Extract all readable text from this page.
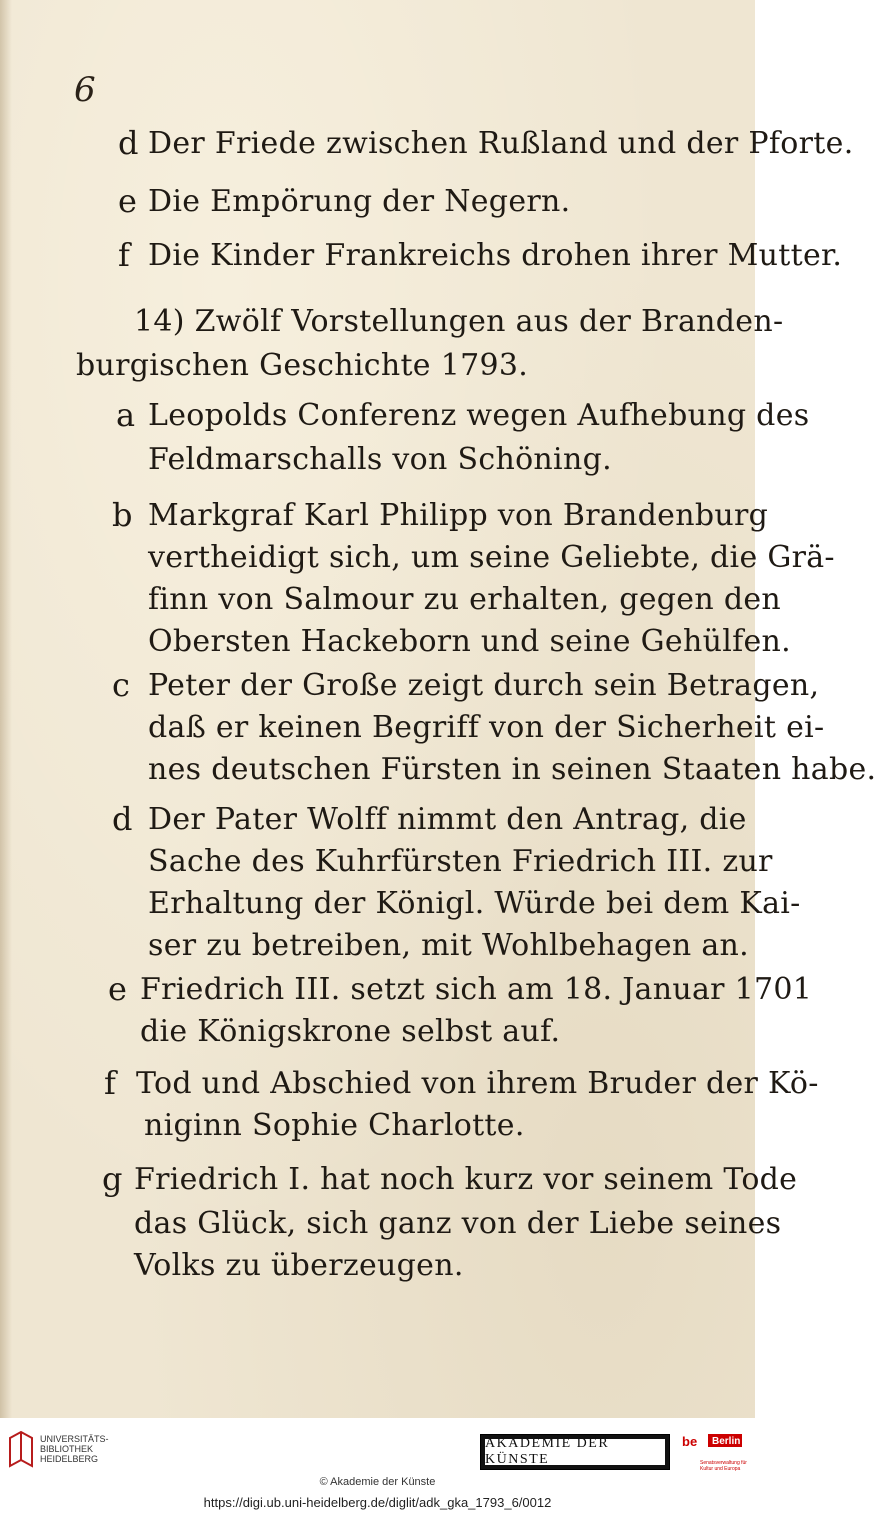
6
d Der Friede zwischen Rußland und der Pforte.
e Die Empörung der Negern.
f Die Kinder Frankreichs drohen ihrer Mutter.
14) Zwölf Vorstellungen aus der Branden-
burgischen Geschichte 1793.
a Leopolds Conferenz wegen Aufhebung des
Feldmarschalls von Schöning.
b Markgraf Karl Philipp von Brandenburg
vertheidigt sich, um seine Geliebte, die Grä-
finn von Salmour zu erhalten, gegen den
Obersten Hackeborn und seine Gehülfen.
c Peter der Große zeigt durch sein Betragen,
daß er keinen Begriff von der Sicherheit ei-
nes deutschen Fürsten in seinen Staaten habe.
d Der Pater Wolff nimmt den Antrag, die
Sache des Kuhrfürsten Friedrich III. zur
Erhaltung der Königl. Würde bei dem Kai-
ser zu betreiben, mit Wohlbehagen an.
e Friedrich III. setzt sich am 18. Januar 1701
die Königskrone selbst auf.
f Tod und Abschied von ihrem Bruder der Kö-
niginn Sophie Charlotte.
g Friedrich I. hat noch kurz vor seinem Tode
das Glück, sich ganz von der Liebe seines
Volks zu überzeugen.
UNIVERSITÄTS-
BIBLIOTHEK
HEIDELBERG
AKADEMIE DER KÜNSTE
be Berlin
Senatsverwaltung für Kultur und Europa
© Akademie der Künste
https://digi.ub.uni-heidelberg.de/diglit/adk_gka_1793_6/0012
